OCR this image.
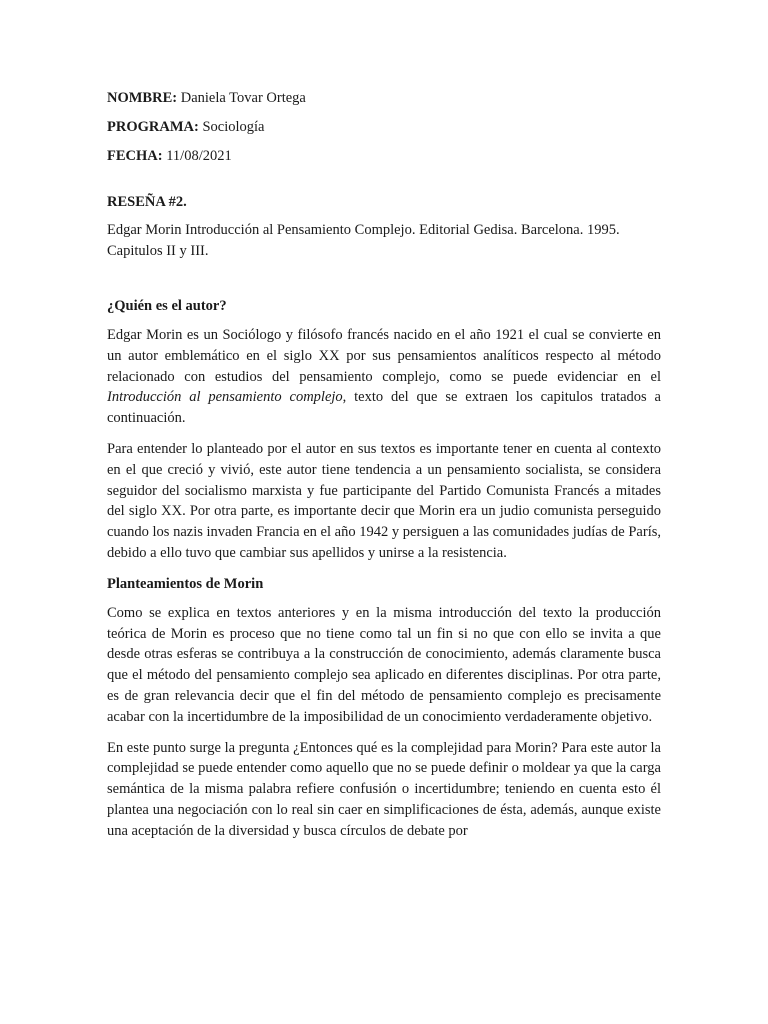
NOMBRE: Daniela Tovar Ortega

PROGRAMA: Sociología

FECHA: 11/08/2021

RESEÑA #2.

Edgar Morin Introducción al Pensamiento Complejo. Editorial Gedisa. Barcelona. 1995. Capitulos II y III.

¿Quién es el autor?

Edgar Morin es un Sociólogo y filósofo francés nacido en el año 1921 el cual se convierte en un autor emblemático en el siglo XX por sus pensamientos analíticos respecto al método relacionado con estudios del pensamiento complejo, como se puede evidenciar en el Introducción al pensamiento complejo, texto del que se extraen los capitulos tratados a continuación.

Para entender lo planteado por el autor en sus textos es importante tener en cuenta al contexto en el que creció y vivió, este autor tiene tendencia a un pensamiento socialista, se considera seguidor del socialismo marxista y fue participante del Partido Comunista Francés a mitades del siglo XX. Por otra parte, es importante decir que Morin era un judio comunista perseguido cuando los nazis invaden Francia en el año 1942 y persiguen a las comunidades judías de París, debido a ello tuvo que cambiar sus apellidos y unirse a la resistencia.

Planteamientos de Morin

Como se explica en textos anteriores y en la misma introducción del texto la producción teórica de Morin es proceso que no tiene como tal un fin si no que con ello se invita a que desde otras esferas se contribuya a la construcción de conocimiento, además claramente busca que el método del pensamiento complejo sea aplicado en diferentes disciplinas. Por otra parte, es de gran relevancia decir que el fin del método de pensamiento complejo es precisamente acabar con la incertidumbre de la imposibilidad de un conocimiento verdaderamente objetivo.

En este punto surge la pregunta ¿Entonces qué es la complejidad para Morin? Para este autor la complejidad se puede entender como aquello que no se puede definir o moldear ya que la carga semántica de la misma palabra refiere confusión o incertidumbre; teniendo en cuenta esto él plantea una negociación con lo real sin caer en simplificaciones de ésta, además, aunque existe una aceptación de la diversidad y busca círculos de debate por
